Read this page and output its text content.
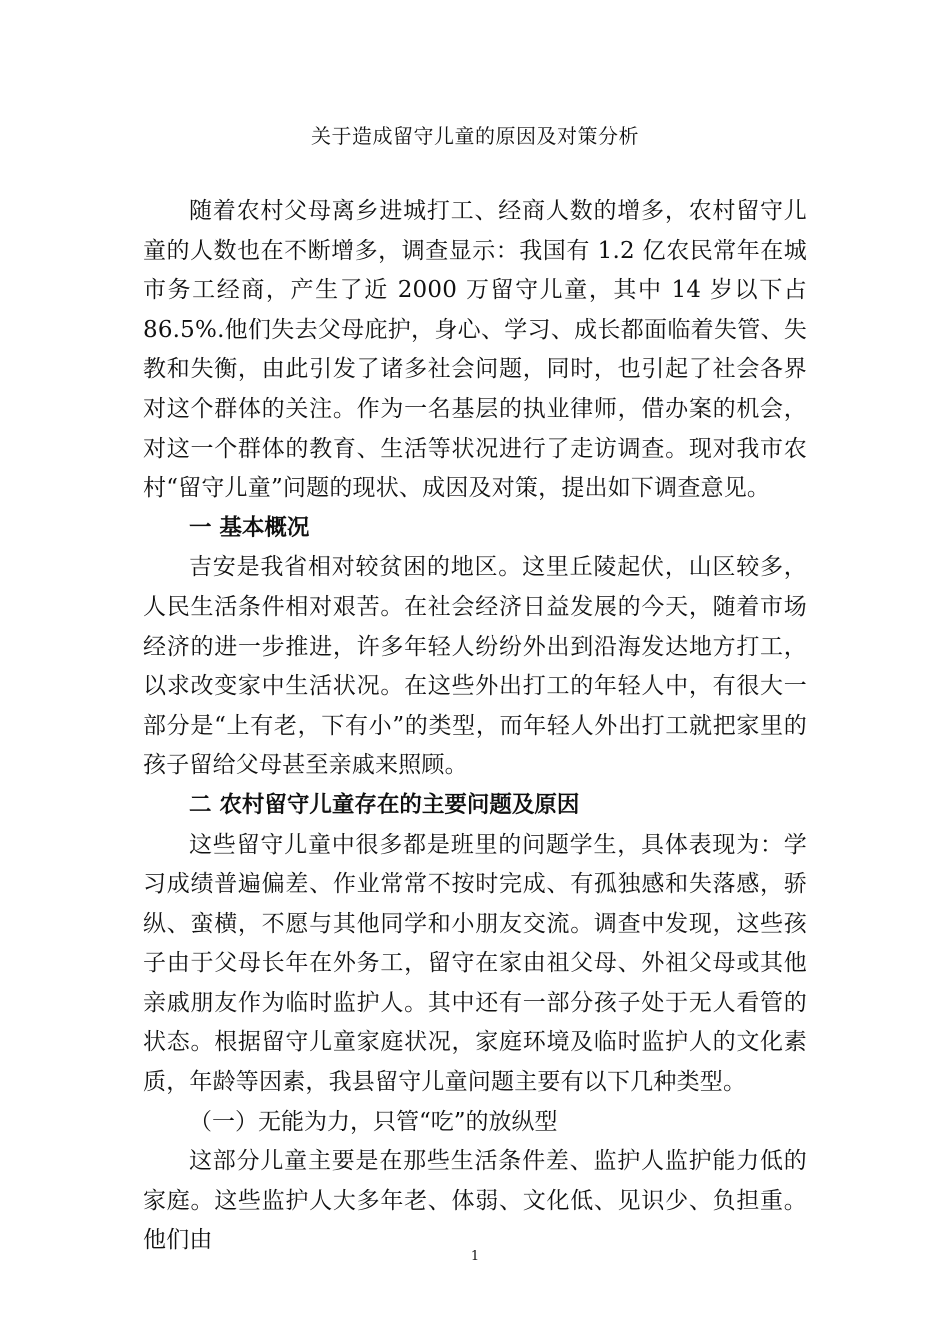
关于造成留守儿童的原因及对策分析

随着农村父母离乡进城打工、经商人数的增多，农村留守儿童的人数也在不断增多，调查显示：我国有 1.2 亿农民常年在城市务工经商，产生了近 2000 万留守儿童，其中 14 岁以下占 86.5%.他们失去父母庇护，身心、学习、成长都面临着失管、失教和失衡，由此引发了诸多社会问题，同时，也引起了社会各界对这个群体的关注。作为一名基层的执业律师，借办案的机会，对这一个群体的教育、生活等状况进行了走访调查。现对我市农村“留守儿童”问题的现状、成因及对策，提出如下调查意见。

一 基本概况

吉安是我省相对较贫困的地区。这里丘陵起伏，山区较多，人民生活条件相对艰苦。在社会经济日益发展的今天，随着市场经济的进一步推进，许多年轻人纷纷外出到沿海发达地方打工，以求改变家中生活状况。在这些外出打工的年轻人中，有很大一部分是“上有老，下有小”的类型，而年轻人外出打工就把家里的孩子留给父母甚至亲戚来照顾。

二 农村留守儿童存在的主要问题及原因

这些留守儿童中很多都是班里的问题学生，具体表现为：学习成绩普遍偏差、作业常常不按时完成、有孤独感和失落感，骄纵、蛮横，不愿与其他同学和小朋友交流。调查中发现，这些孩子由于父母长年在外务工，留守在家由祖父母、外祖父母或其他亲戚朋友作为临时监护人。其中还有一部分孩子处于无人看管的状态。根据留守儿童家庭状况，家庭环境及临时监护人的文化素质，年龄等因素，我县留守儿童问题主要有以下几种类型。

（一）无能为力，只管“吃”的放纵型

这部分儿童主要是在那些生活条件差、监护人监护能力低的家庭。这些监护人大多年老、体弱、文化低、见识少、负担重。他们由

1
